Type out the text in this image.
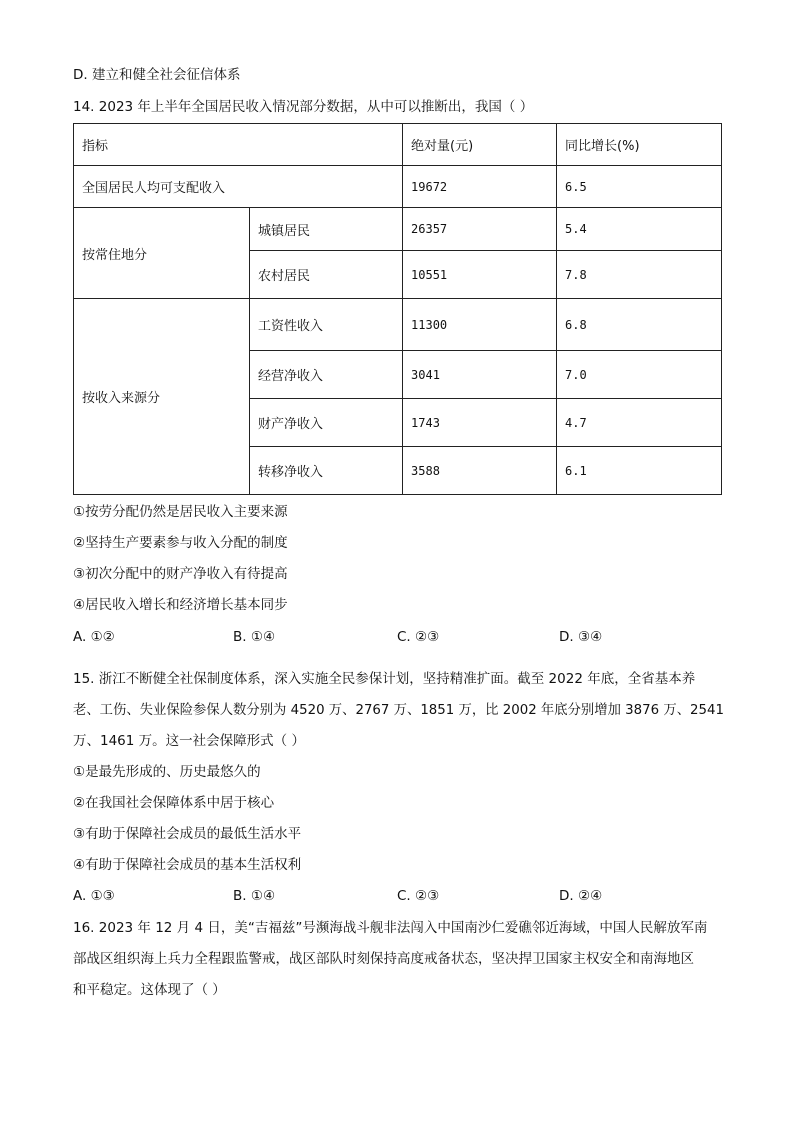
D. 建立和健全社会征信体系
14. 2023 年上半年全国居民收入情况部分数据，从中可以推断出，我国（ ）
指标		绝对量(元)	同比增长(%)
全国居民人均可支配收入		19672	6.5
按常住地分	城镇居民	26357	5.4
	农村居民	10551	7.8
按收入来源分	工资性收入	11300	6.8
	经营净收入	3041	7.0
	财产净收入	1743	4.7
	转移净收入	3588	6.1
①按劳分配仍然是居民收入主要来源
②坚持生产要素参与收入分配的制度
③初次分配中的财产净收入有待提高
④居民收入增长和经济增长基本同步
A. ①②	B. ①④	C. ②③	D. ③④
15. 浙江不断健全社保制度体系，深入实施全民参保计划，坚持精准扩面。截至 2022 年底，全省基本养
老、工伤、失业保险参保人数分别为 4520 万、2767 万、1851 万，比 2002 年底分别增加 3876 万、2541
万、1461 万。这一社会保障形式（ ）
①是最先形成的、历史最悠久的
②在我国社会保障体系中居于核心
③有助于保障社会成员的最低生活水平
④有助于保障社会成员的基本生活权利
A. ①③	B. ①④	C. ②③	D. ②④
16. 2023 年 12 月 4 日，美“吉福兹”号濒海战斗舰非法闯入中国南沙仁爱礁邻近海域，中国人民解放军南
部战区组织海上兵力全程跟监警戒，战区部队时刻保持高度戒备状态，坚决捍卫国家主权安全和南海地区
和平稳定。这体现了（ ）
